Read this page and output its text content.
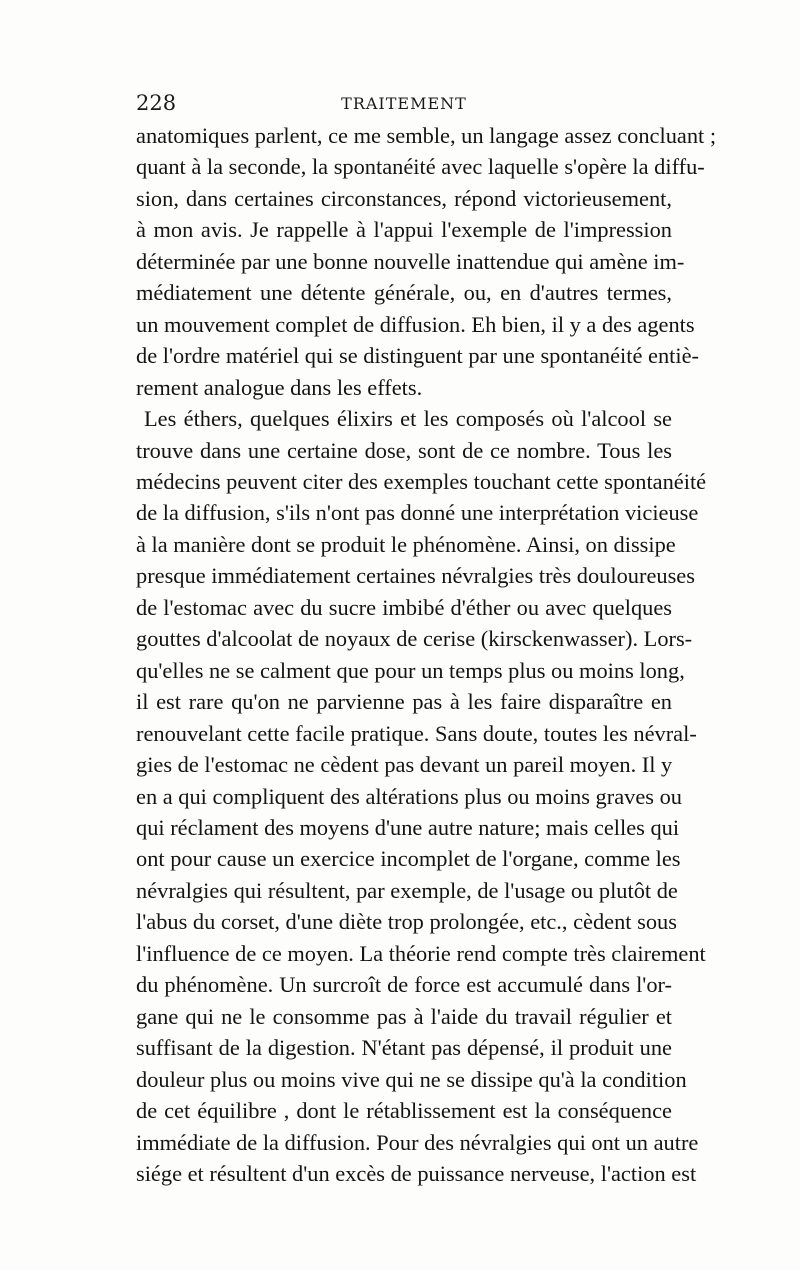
228	TRAITEMENT
anatomiques parlent, ce me semble, un langage assez concluant ;
quant à la seconde, la spontanéité avec laquelle s'opère la diffu-
sion, dans certaines circonstances, répond victorieusement,
à mon avis. Je rappelle à l'appui l'exemple de l'impression
déterminée par une bonne nouvelle inattendue qui amène im-
médiatement une détente générale, ou, en d'autres termes,
un mouvement complet de diffusion. Eh bien, il y a des agents
de l'ordre matériel qui se distinguent par une spontanéité entiè-
rement analogue dans les effets.
Les éthers, quelques élixirs et les composés où l'alcool se
trouve dans une certaine dose, sont de ce nombre. Tous les
médecins peuvent citer des exemples touchant cette spontanéité
de la diffusion, s'ils n'ont pas donné une interprétation vicieuse
à la manière dont se produit le phénomène. Ainsi, on dissipe
presque immédiatement certaines névralgies très douloureuses
de l'estomac avec du sucre imbibé d'éther ou avec quelques
gouttes d'alcoolat de noyaux de cerise (kirsckenwasser). Lors-
qu'elles ne se calment que pour un temps plus ou moins long,
il est rare qu'on ne parvienne pas à les faire disparaître en
renouvelant cette facile pratique. Sans doute, toutes les névral-
gies de l'estomac ne cèdent pas devant un pareil moyen. Il y
en a qui compliquent des altérations plus ou moins graves ou
qui réclament des moyens d'une autre nature; mais celles qui
ont pour cause un exercice incomplet de l'organe, comme les
névralgies qui résultent, par exemple, de l'usage ou plutôt de
l'abus du corset, d'une diète trop prolongée, etc., cèdent sous
l'influence de ce moyen. La théorie rend compte très clairement
du phénomène. Un surcroît de force est accumulé dans l'or-
gane qui ne le consomme pas à l'aide du travail régulier et
suffisant de la digestion. N'étant pas dépensé, il produit une
douleur plus ou moins vive qui ne se dissipe qu'à la condition
de cet équilibre , dont le rétablissement est la conséquence
immédiate de la diffusion. Pour des névralgies qui ont un autre
siége et résultent d'un excès de puissance nerveuse, l'action est
